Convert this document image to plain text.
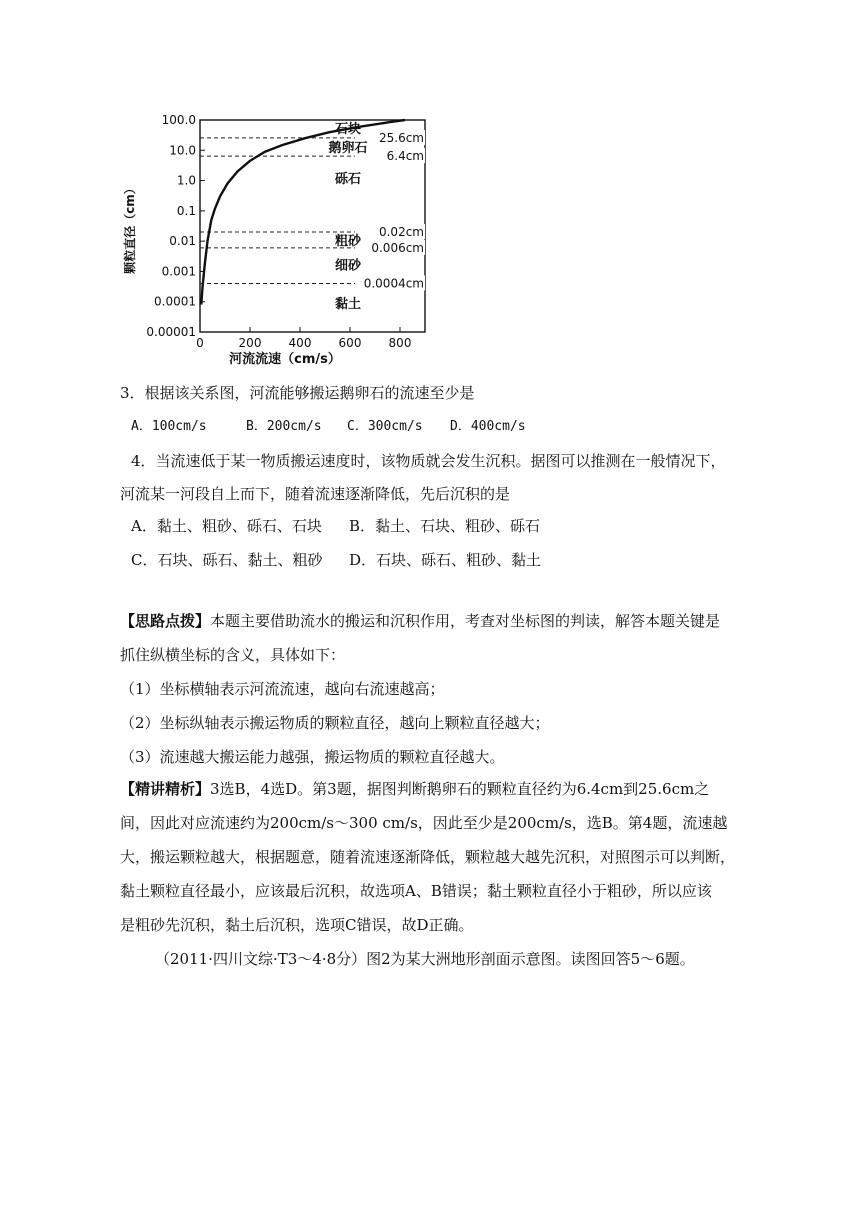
100.0
10.0
1.0
0.1
0.01
0.001
0.0001
0.00001
0	200 400 600 800
25.6cm
6.4cm
0.02cm
0.006cm
0.0004cm
石块
鹅卵石
砾石
粗砂
细砂
黏土
河流流速（cm/s）
颗粒直径（cm）
3．根据该关系图，河流能够搬运鹅卵石的流速至少是
A．100cm/s	B．200cm/s C．300cm/s D．400cm/s
4．当流速低于某一物质搬运速度时，该物质就会发生沉积。据图可以推测在一般情况下，
河流某一河段自上而下，随着流速逐渐降低，先后沉积的是
A．黏土、粗砂、砾石、石块 B．黏土、石块、粗砂、砾石
C．石块、砾石、黏土、粗砂 D．石块、砾石、粗砂、黏土
【思路点拨】本题主要借助流水的搬运和沉积作用，考查对坐标图的判读，解答本题关键是
抓住纵横坐标的含义，具体如下：
（1）坐标横轴表示河流流速，越向右流速越高；
（2）坐标纵轴表示搬运物质的颗粒直径，越向上颗粒直径越大；
（3）流速越大搬运能力越强，搬运物质的颗粒直径越大。
【精讲精析】3选B，4选D。第3题，据图判断鹅卵石的颗粒直径约为6.4cm到25.6cm之
间，因此对应流速约为200cm/s～300 cm/s，因此至少是200cm/s，选B。第4题，流速越
大，搬运颗粒越大，根据题意，随着流速逐渐降低，颗粒越大越先沉积，对照图示可以判断，
黏土颗粒直径最小，应该最后沉积，故选项A、B错误；黏土颗粒直径小于粗砂，所以应该
是粗砂先沉积，黏土后沉积，选项C错误，故D正确。
（2011·四川文综·T3～4·8分）图2为某大洲地形剖面示意图。读图回答5～6题。
